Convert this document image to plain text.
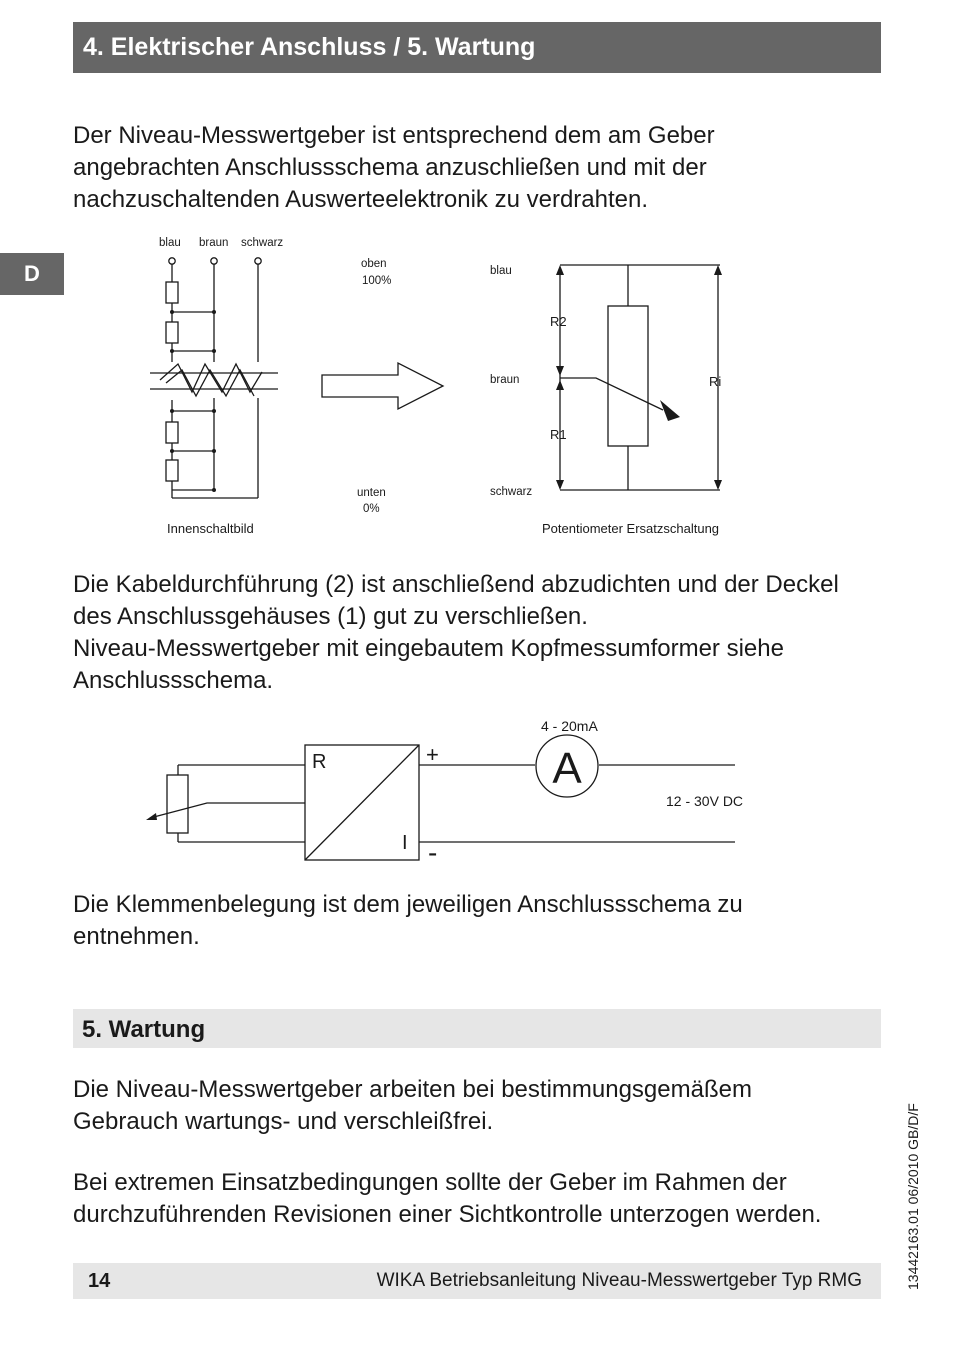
4. Elektrischer Anschluss / 5. Wartung
D

Der Niveau-Messwertgeber ist entsprechend dem am Geber
angebrachten Anschlussschema anzuschließen und mit der
nachzuschaltenden Auswerteelektronik zu verdrahten.

blau braun schwarz
oben
100%
unten
0%
blau
braun
schwarz
R2
R1
Ri
Innenschaltbild	Potentiometer Ersatzschaltung

Die Kabeldurchführung (2) ist anschließend abzudichten und der Deckel
des Anschlussgehäuses (1) gut zu verschließen.
Niveau-Messwertgeber mit eingebautem Kopfmessumformer siehe
Anschlussschema.

R
I
+
-
A
4 - 20mA
12 - 30V DC

Die Klemmenbelegung ist dem jeweiligen Anschlussschema zu
entnehmen.

5. Wartung

Die Niveau-Messwertgeber arbeiten bei bestimmungsgemäßem
Gebrauch wartungs- und verschleißfrei.

Bei extremen Einsatzbedingungen sollte der Geber im Rahmen der
durchzuführenden Revisionen einer Sichtkontrolle unterzogen werden.	13442163.01 06/2010 GB/D/F
14	WIKA Betriebsanleitung Niveau-Messwertgeber Typ RMG
